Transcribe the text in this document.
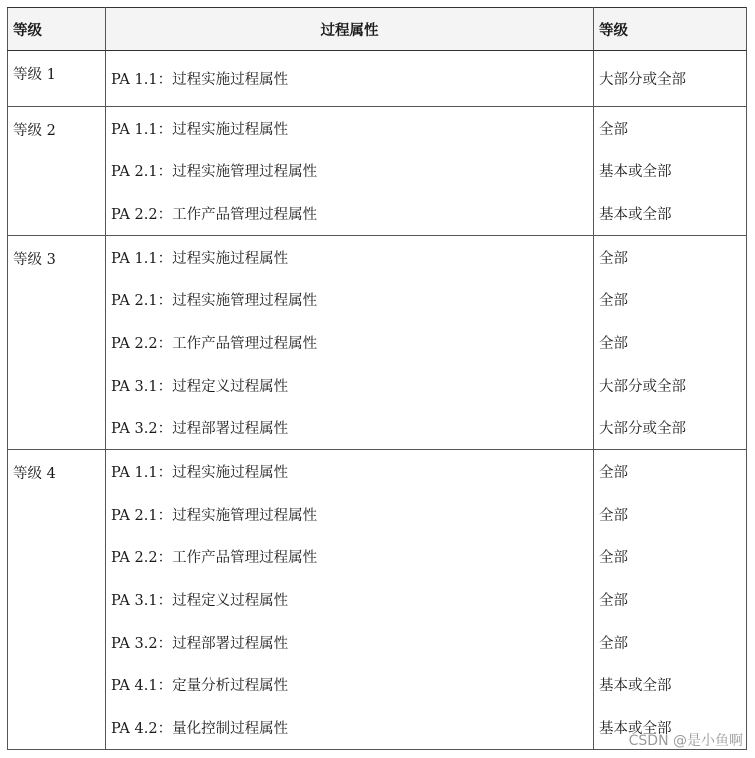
等级	过程属性	等级
等级 1	PA 1.1：过程实施过程属性	大部分或全部
等级 2	PA 1.1：过程实施过程属性	全部
	PA 2.1：过程实施管理过程属性	基本或全部
	PA 2.2：工作产品管理过程属性	基本或全部
等级 3	PA 1.1：过程实施过程属性	全部
	PA 2.1：过程实施管理过程属性	全部
	PA 2.2：工作产品管理过程属性	全部
	PA 3.1：过程定义过程属性	大部分或全部
	PA 3.2：过程部署过程属性	大部分或全部
等级 4	PA 1.1：过程实施过程属性	全部
	PA 2.1：过程实施管理过程属性	全部
	PA 2.2：工作产品管理过程属性	全部
	PA 3.1：过程定义过程属性	全部
	PA 3.2：过程部署过程属性	全部
	PA 4.1：定量分析过程属性	基本或全部
	PA 4.2：量化控制过程属性	基本或全部
CSDN @是小鱼啊
